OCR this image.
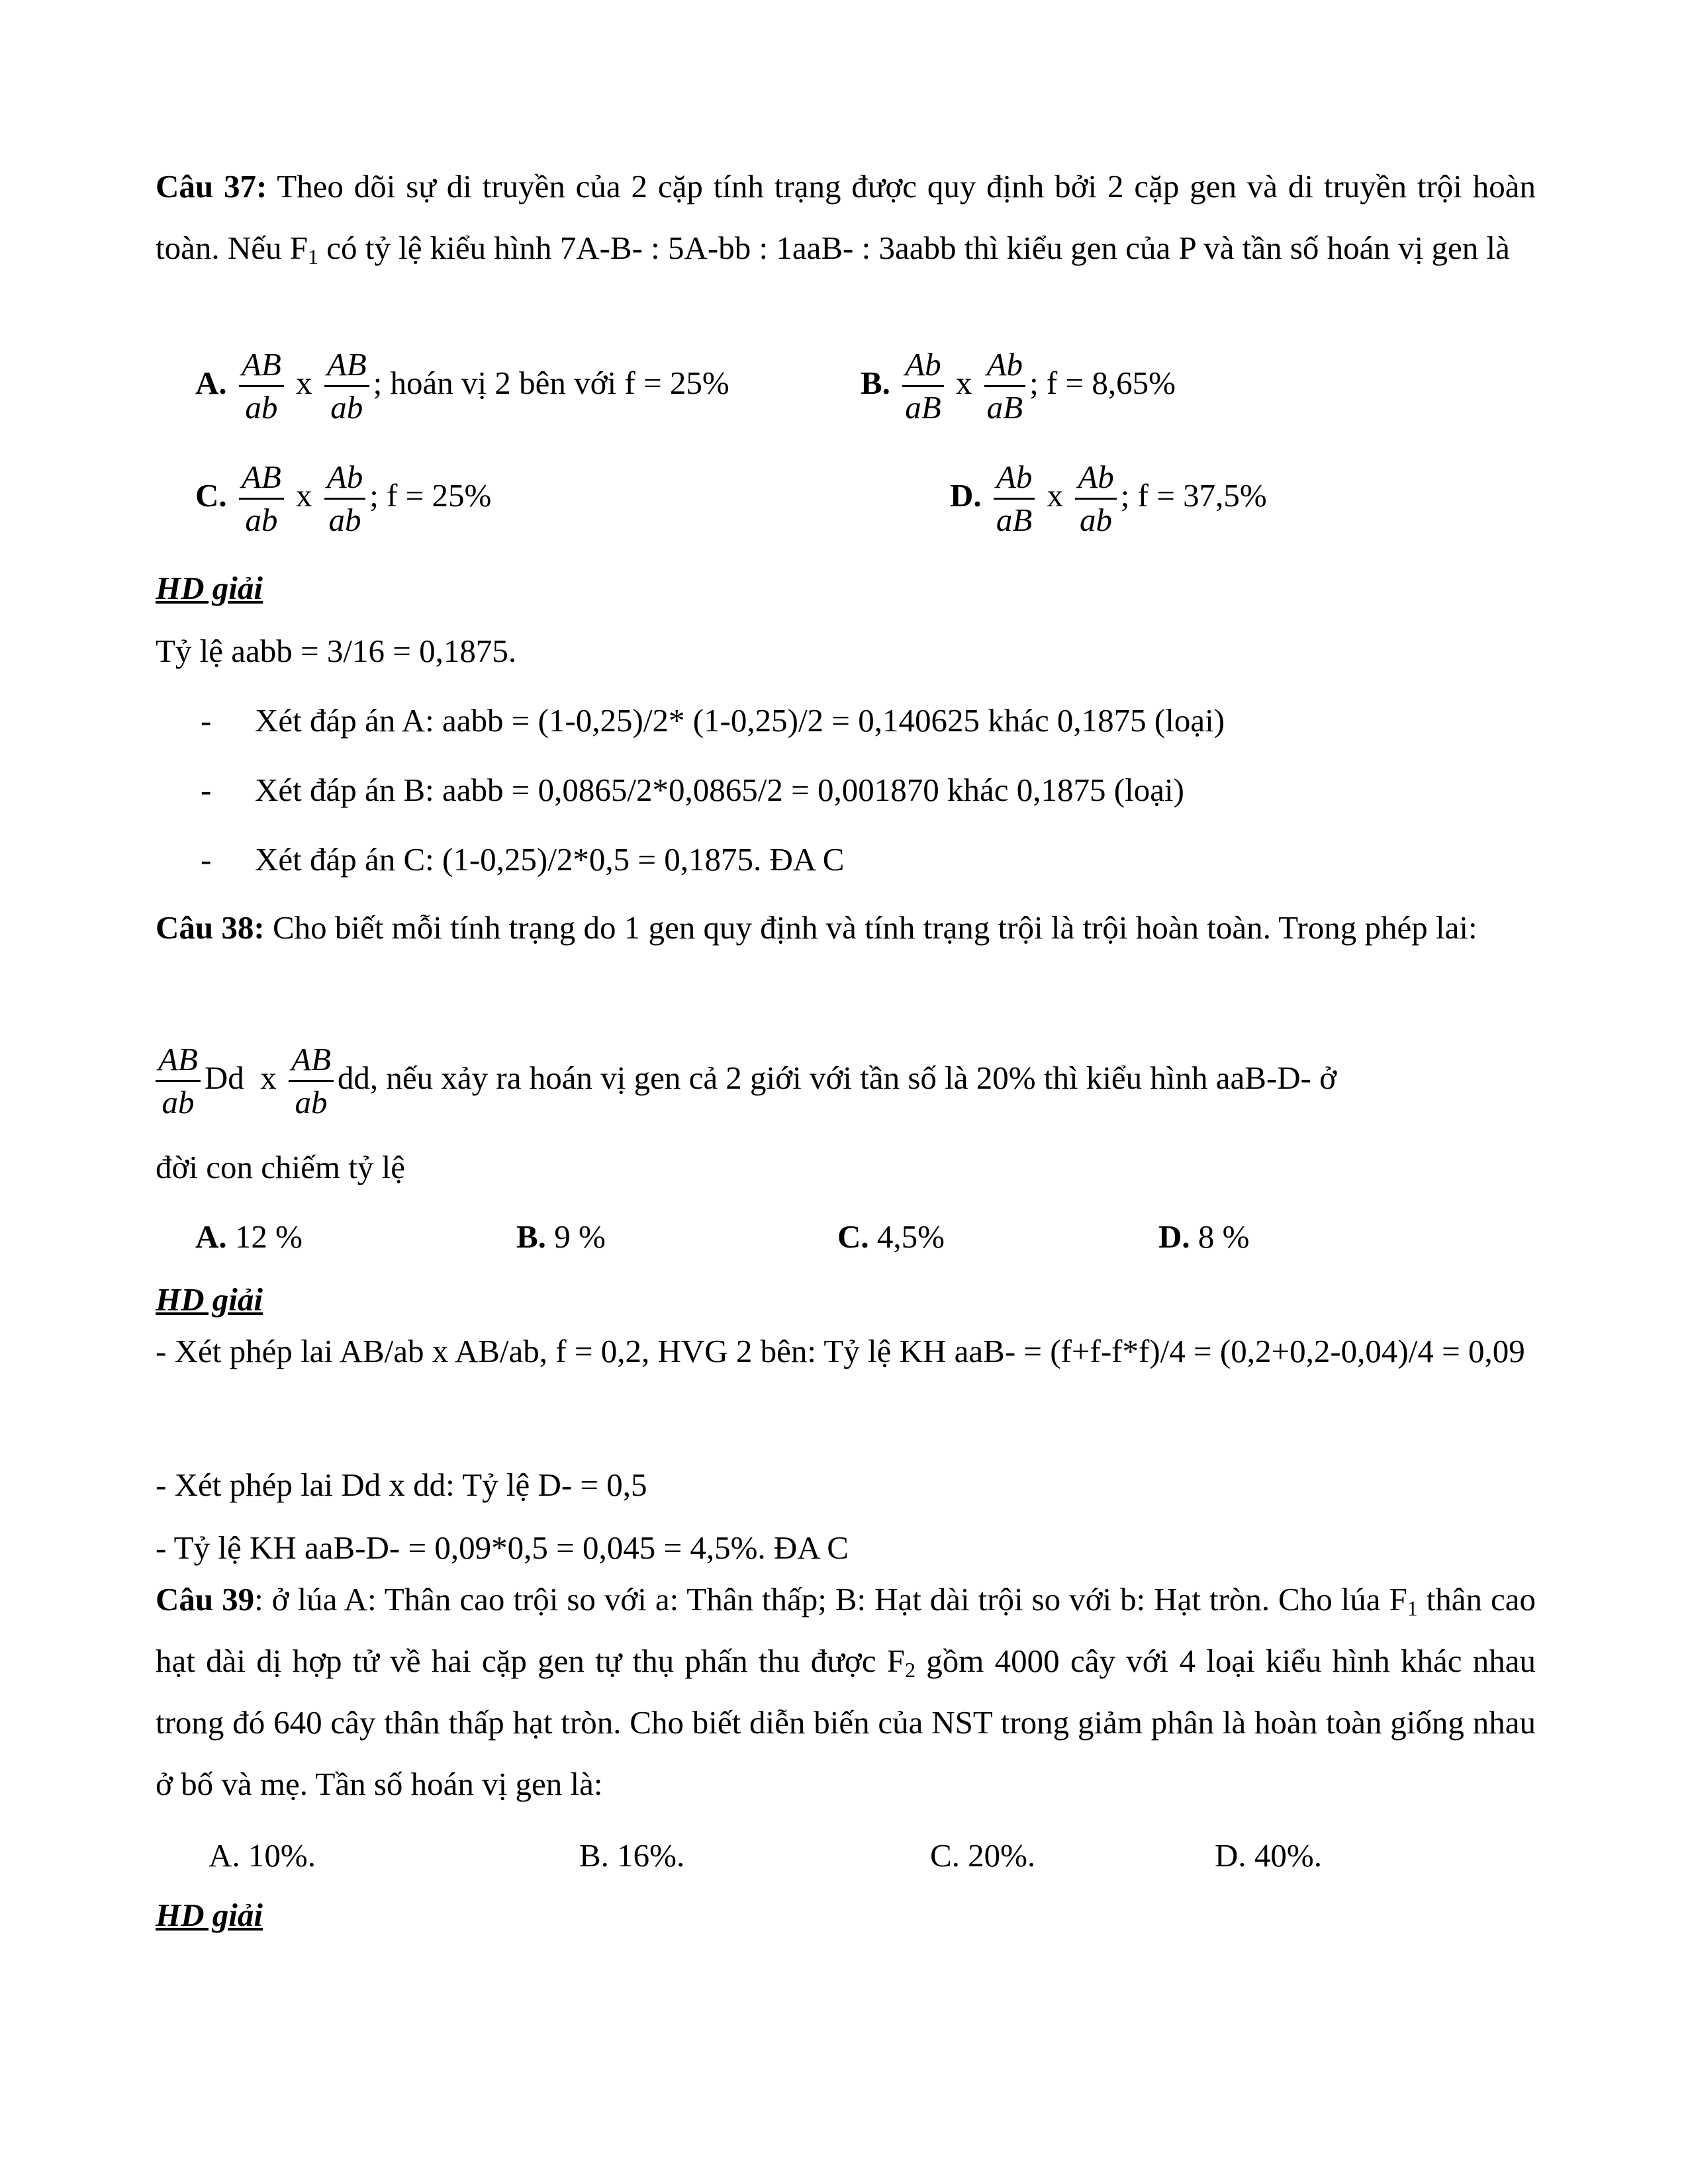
Câu 37: Theo dõi sự di truyền của 2 cặp tính trạng được quy định bởi 2 cặp gen và di truyền trội hoàn toàn. Nếu $F_1$ có tỷ lệ kiểu hình 7A-B- : 5A-bb : 1aaB- : 3aabb thì kiểu gen của P và tần số hoán vị gen là

A. $\frac{AB}{ab}$ x $\frac{AB}{ab}$ ; hoán vị 2 bên với f = 25%	B. $\frac{Ab}{aB}$ x $\frac{Ab}{aB}$ ; f = 8,65%
C. $\frac{AB}{ab}$ x $\frac{Ab}{ab}$ ; f = 25%	D. $\frac{Ab}{aB}$ x $\frac{Ab}{ab}$ ; f = 37,5%
HD giải
Tỷ lệ aabb = 3/16 = 0,1875.
- Xét đáp án A: aabb = (1-0,25)/2* (1-0,25)/2 = 0,140625 khác 0,1875 (loại)
- Xét đáp án B: aabb = 0,0865/2*0,0865/2 = 0,001870 khác 0,1875 (loại)
- Xét đáp án C: (1-0,25)/2*0,5 = 0,1875. ĐA C

Câu 38: Cho biết mỗi tính trạng do 1 gen quy định và tính trạng trội là trội hoàn toàn. Trong phép lai:

$\frac{AB}{ab}$ Dd x $\frac{AB}{ab}$ dd, nếu xảy ra hoán vị gen cả 2 giới với tần số là 20% thì kiểu hình aaB-D- ở
đời con chiếm tỷ lệ
A. 12 %	B. 9 %	C. 4,5%	D. 8 %
HD giải

- Xét phép lai AB/ab x AB/ab, f = 0,2, HVG 2 bên: Tỷ lệ KH aaB- = (f+f-f*f)/4 = (0,2+0,2-0,04)/4 = 0,09

- Xét phép lai Dd x dd: Tỷ lệ D- = 0,5
- Tỷ lệ KH aaB-D- = 0,09*0,5 = 0,045 = 4,5%. ĐA C

Câu 39: ở lúa A: Thân cao trội so với a: Thân thấp; B: Hạt dài trội so với b: Hạt tròn. Cho lúa $F_1$ thân cao hạt dài dị hợp tử về hai cặp gen tự thụ phấn thu được $F_2$ gồm 4000 cây với 4 loại kiểu hình khác nhau trong đó 640 cây thân thấp hạt tròn. Cho biết diễn biến của NST trong giảm phân là hoàn toàn giống nhau ở bố và mẹ. Tần số hoán vị gen là:

A. 10%.	B. 16%.	C. 20%.	D. 40%.
HD giải
